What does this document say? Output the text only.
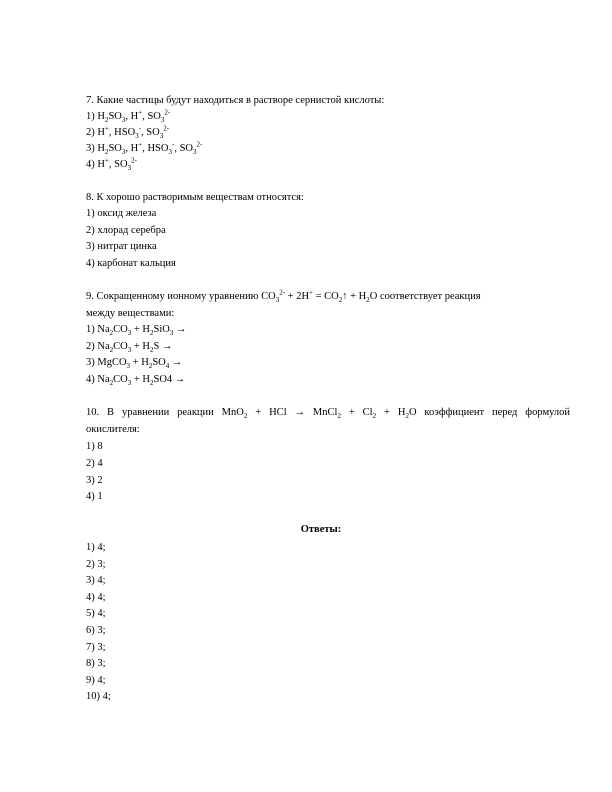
7. Какие частицы будут находиться в растворе сернистой кислоты:
1) $H_2SO_3$, H+, $SO_3^{2-}$
2) H+, $HSO_3^-$, $SO_3^{2-}$
3) $H_2SO_3$, H+, $HSO_3^-$, $SO_3^{2-}$
4) H+, $SO_3^{2-}$
8. К хорошо растворимым веществам относятся:
1) оксид железа
2) хлорад серебра
3) нитрат цинка
4) карбонат кальция
9. Сокращенному ионному уравнению $CO_3^{2-} + 2H^+$ = $CO_2↑ + H_2O$ соответствует реакция
между веществами:
1) $Na_2CO_3 + H_2SiO_3$ →
2) $Na_2CO_3 + H_2S$ →
3) MgCO$_3$ + $H_2SO_4$ →
4) $Na_2CO_3 + H_2SO4$ →
10. В уравнении реакции MnO$_2$ + HCl → MnCl$_2$ + $Cl_2 + H_2O$ коэффициент перед формулой
окислителя:
1) 8
2) 4
3) 2
4) 1
Ответы:
1) 4;
2) 3;
3) 4;
4) 4;
5) 4;
6) 3;
7) 3;
8) 3;
9) 4;
10) 4;
